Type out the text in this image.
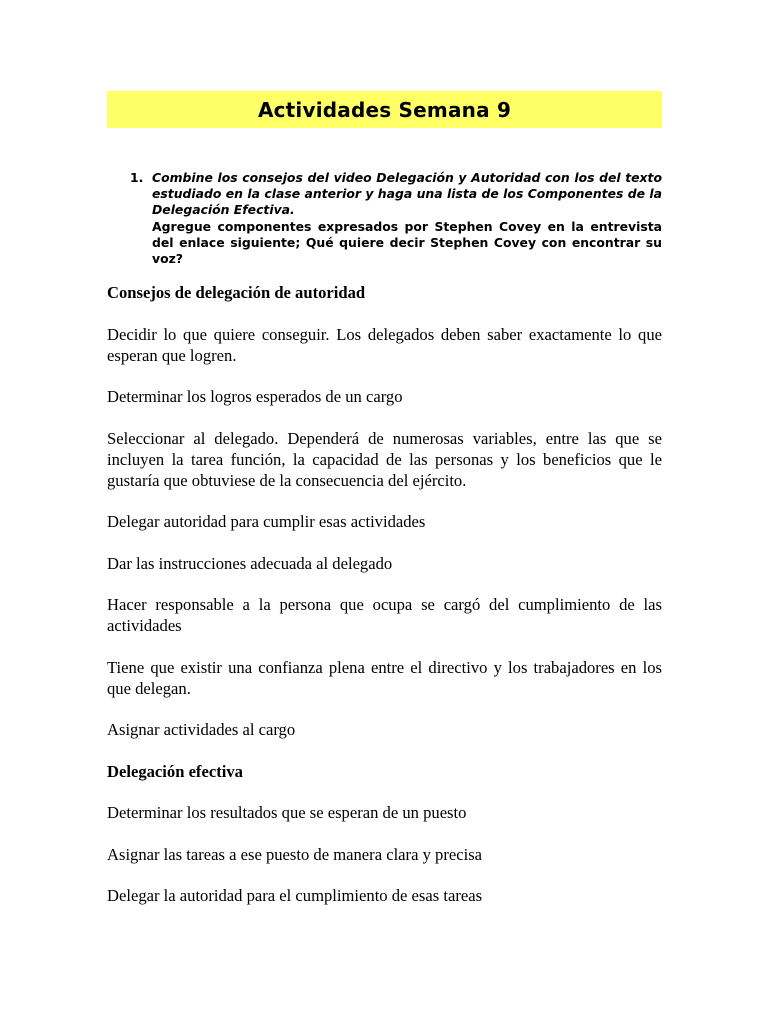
Actividades Semana 9
1. Combine los consejos del video Delegación y Autoridad con los del texto estudiado en la clase anterior y haga una lista de los Componentes de la Delegación Efectiva.
Agregue componentes expresados por Stephen Covey en la entrevista del enlace siguiente; Qué quiere decir Stephen Covey con encontrar su voz?

Consejos de delegación de autoridad

Decidir lo que quiere conseguir. Los delegados deben saber exactamente lo que esperan que logren.

Determinar los logros esperados de un cargo

Seleccionar al delegado. Dependerá de numerosas variables, entre las que se incluyen la tarea función, la capacidad de las personas y los beneficios que le gustaría que obtuviese de la consecuencia del ejército.

Delegar autoridad para cumplir esas actividades

Dar las instrucciones adecuada al delegado

Hacer responsable a la persona que ocupa se cargó del cumplimiento de las actividades

Tiene que existir una confianza plena entre el directivo y los trabajadores en los que delegan.

Asignar actividades al cargo

Delegación efectiva

Determinar los resultados que se esperan de un puesto

Asignar las tareas a ese puesto de manera clara y precisa

Delegar la autoridad para el cumplimiento de esas tareas
